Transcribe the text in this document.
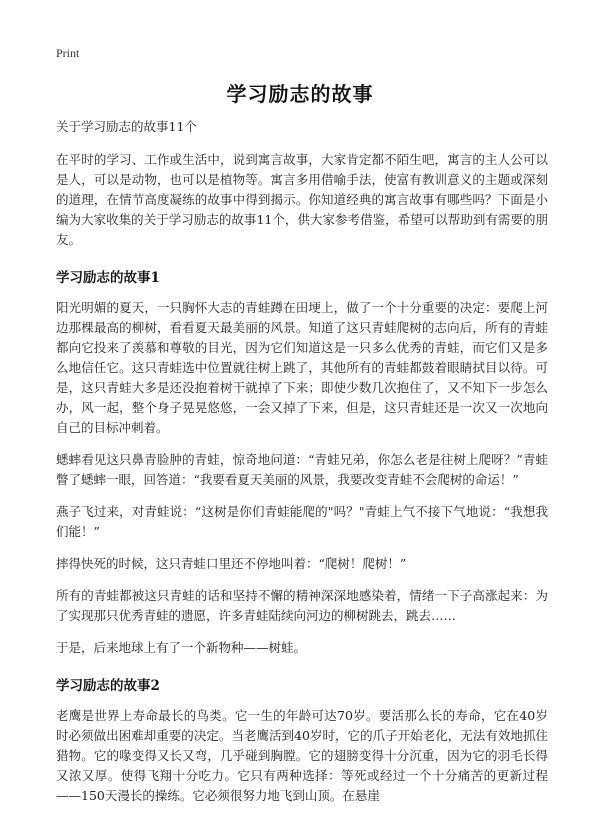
Print
学习励志的故事
关于学习励志的故事11个

在平时的学习、工作或生活中，说到寓言故事，大家肯定都不陌生吧，寓言的主人公可以是人，可以是动物，也可以是植物等。寓言多用借喻手法，使富有教训意义的主题或深刻的道理，在情节高度凝练的故事中得到揭示。你知道经典的寓言故事有哪些吗？下面是小编为大家收集的关于学习励志的故事11个，供大家参考借鉴，希望可以帮助到有需要的朋友。

学习励志的故事1

阳光明媚的夏天，一只胸怀大志的青蛙蹲在田埂上，做了一个十分重要的决定：要爬上河边那棵最高的柳树，看看夏天最美丽的风景。知道了这只青蛙爬树的志向后，所有的青蛙都向它投来了羡慕和尊敬的目光，因为它们知道这是一只多么优秀的青蛙，而它们又是多么地信任它。这只青蛙选中位置就往树上跳了，其他所有的青蛙都鼓着眼睛拭目以待。可是，这只青蛙大多是还没抱着树干就掉了下来；即使少数几次抱住了，又不知下一步怎么办，风一起，整个身子晃晃悠悠，一会又掉了下来，但是，这只青蛙还是一次又一次地向自己的目标冲刺着。

蟋蟀看见这只鼻青脸肿的青蛙，惊奇地问道：“青蛙兄弟，你怎么老是往树上爬呀？”青蛙瞥了蟋蟀一眼，回答道：“我要看夏天美丽的风景，我要改变青蛙不会爬树的命运！”

燕子飞过来，对青蛙说：“这树是你们青蛙能爬的"吗？"青蛙上气不接下气地说：“我想我们能！”

摔得快死的时候，这只青蛙口里还不停地叫着：“爬树！爬树！”

所有的青蛙都被这只青蛙的话和坚持不懈的精神深深地感染着，情绪一下子高涨起来：为了实现那只优秀青蛙的遗愿，许多青蛙陆续向河边的柳树跳去，跳去……

于是，后来地球上有了一个新物种——树蛙。

学习励志的故事2

老鹰是世界上寿命最长的鸟类。它一生的年龄可达70岁。要活那么长的寿命，它在40岁时必须做出困难却重要的决定。当老鹰活到40岁时，它的爪子开始老化，无法有效地抓住猎物。它的喙变得又长又弯，几乎碰到胸膛。它的翅膀变得十分沉重，因为它的羽毛长得又浓又厚。使得飞翔十分吃力。它只有两种选择：等死或经过一个十分痛苦的更新过程——150天漫长的操练。它必须很努力地飞到山顶。在悬崖
